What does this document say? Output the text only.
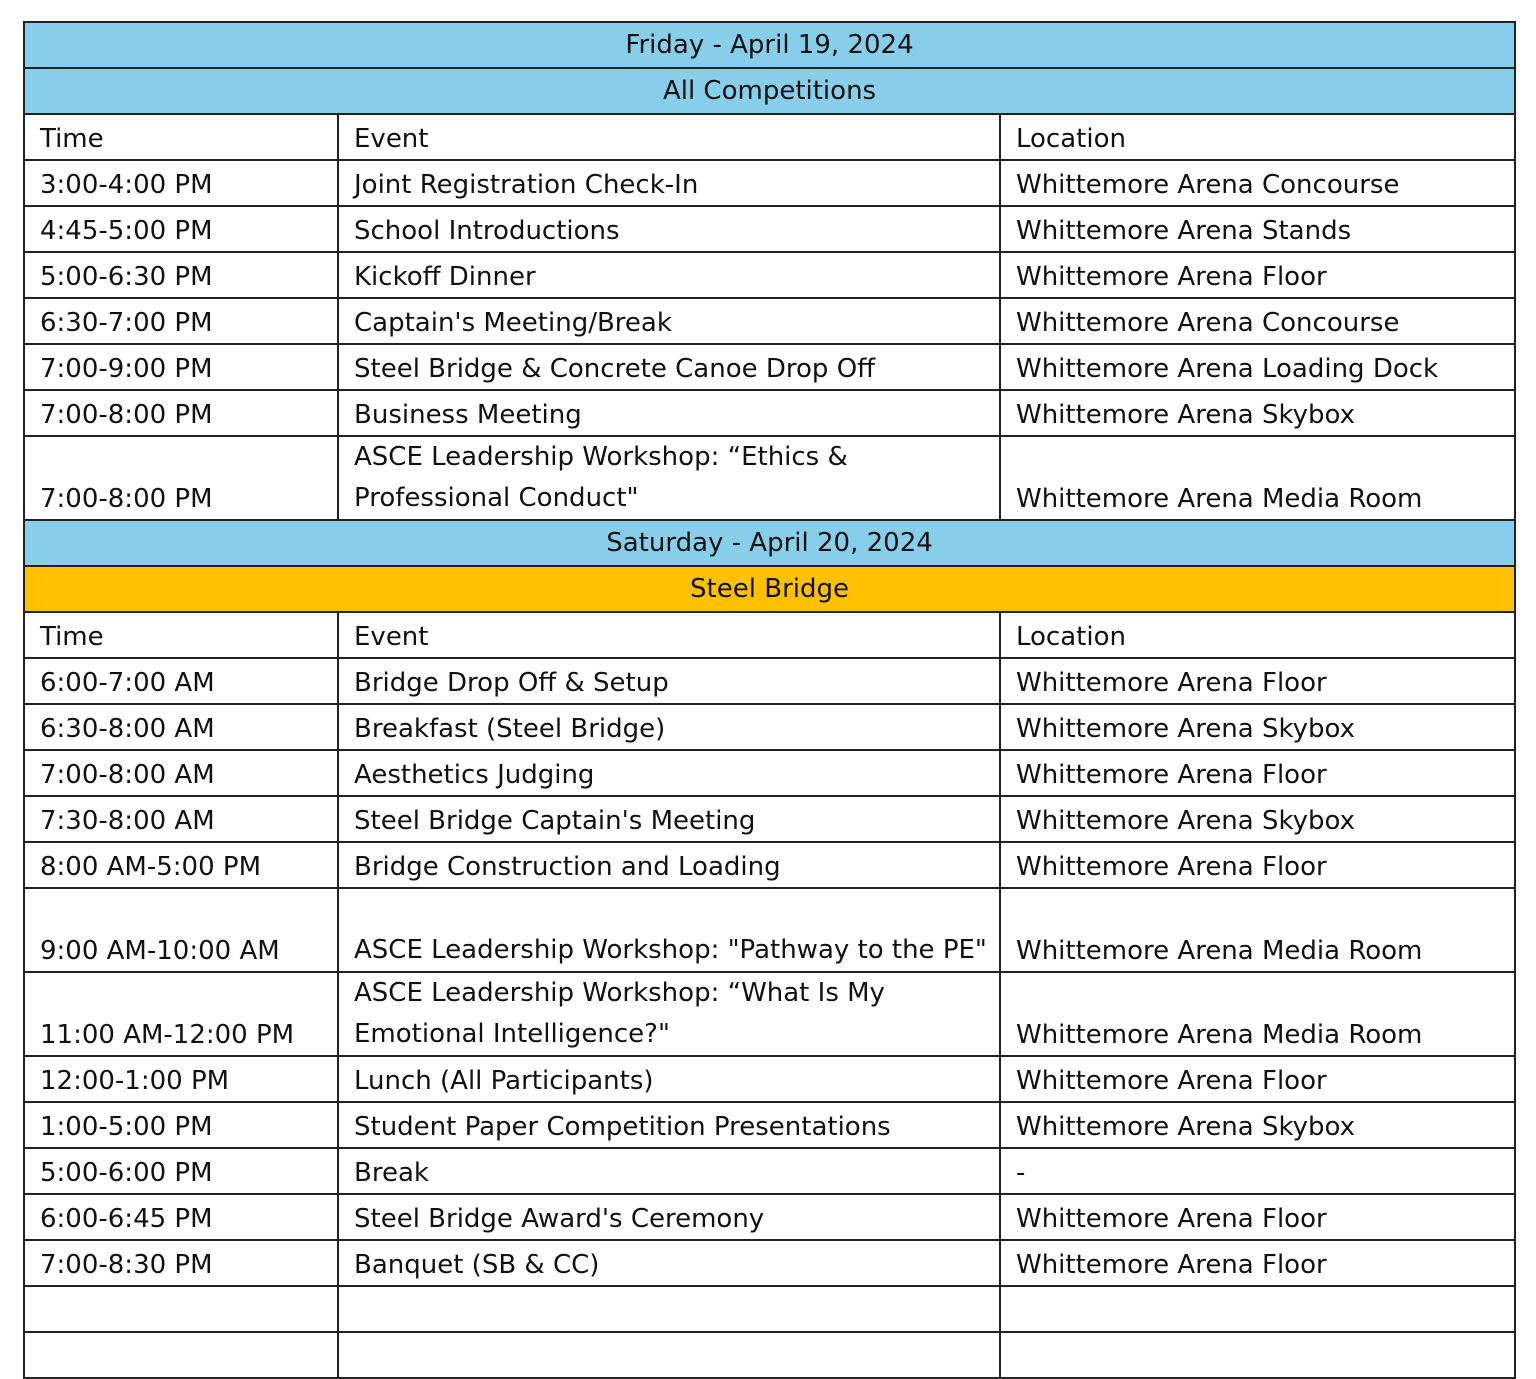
Friday - April 19, 2024		
All Competitions		
Time	Event	Location
3:00-4:00 PM	Joint Registration Check-In	Whittemore Arena Concourse
4:45-5:00 PM	School Introductions	Whittemore Arena Stands
5:00-6:30 PM	Kickoff Dinner	Whittemore Arena Floor
6:30-7:00 PM	Captain's Meeting/Break	Whittemore Arena Concourse
7:00-9:00 PM	Steel Bridge & Concrete Canoe Drop Off	Whittemore Arena Loading Dock
7:00-8:00 PM	Business Meeting	Whittemore Arena Skybox
7:00-8:00 PM	ASCE Leadership Workshop: “Ethics & Professional Conduct"	Whittemore Arena Media Room
Saturday - April 20, 2024		
Steel Bridge		
Time	Event	Location
6:00-7:00 AM	Bridge Drop Off & Setup	Whittemore Arena Floor
6:30-8:00 AM	Breakfast (Steel Bridge)	Whittemore Arena Skybox
7:00-8:00 AM	Aesthetics Judging	Whittemore Arena Floor
7:30-8:00 AM	Steel Bridge Captain's Meeting	Whittemore Arena Skybox
8:00 AM-5:00 PM	Bridge Construction and Loading	Whittemore Arena Floor
9:00 AM-10:00 AM	ASCE Leadership Workshop: "Pathway to the PE"	Whittemore Arena Media Room
11:00 AM-12:00 PM	ASCE Leadership Workshop: “What Is My Emotional Intelligence?"	Whittemore Arena Media Room
12:00-1:00 PM	Lunch (All Participants)	Whittemore Arena Floor
1:00-5:00 PM	Student Paper Competition Presentations	Whittemore Arena Skybox
5:00-6:00 PM	Break	-
6:00-6:45 PM	Steel Bridge Award's Ceremony	Whittemore Arena Floor
7:00-8:30 PM	Banquet (SB & CC)	Whittemore Arena Floor
